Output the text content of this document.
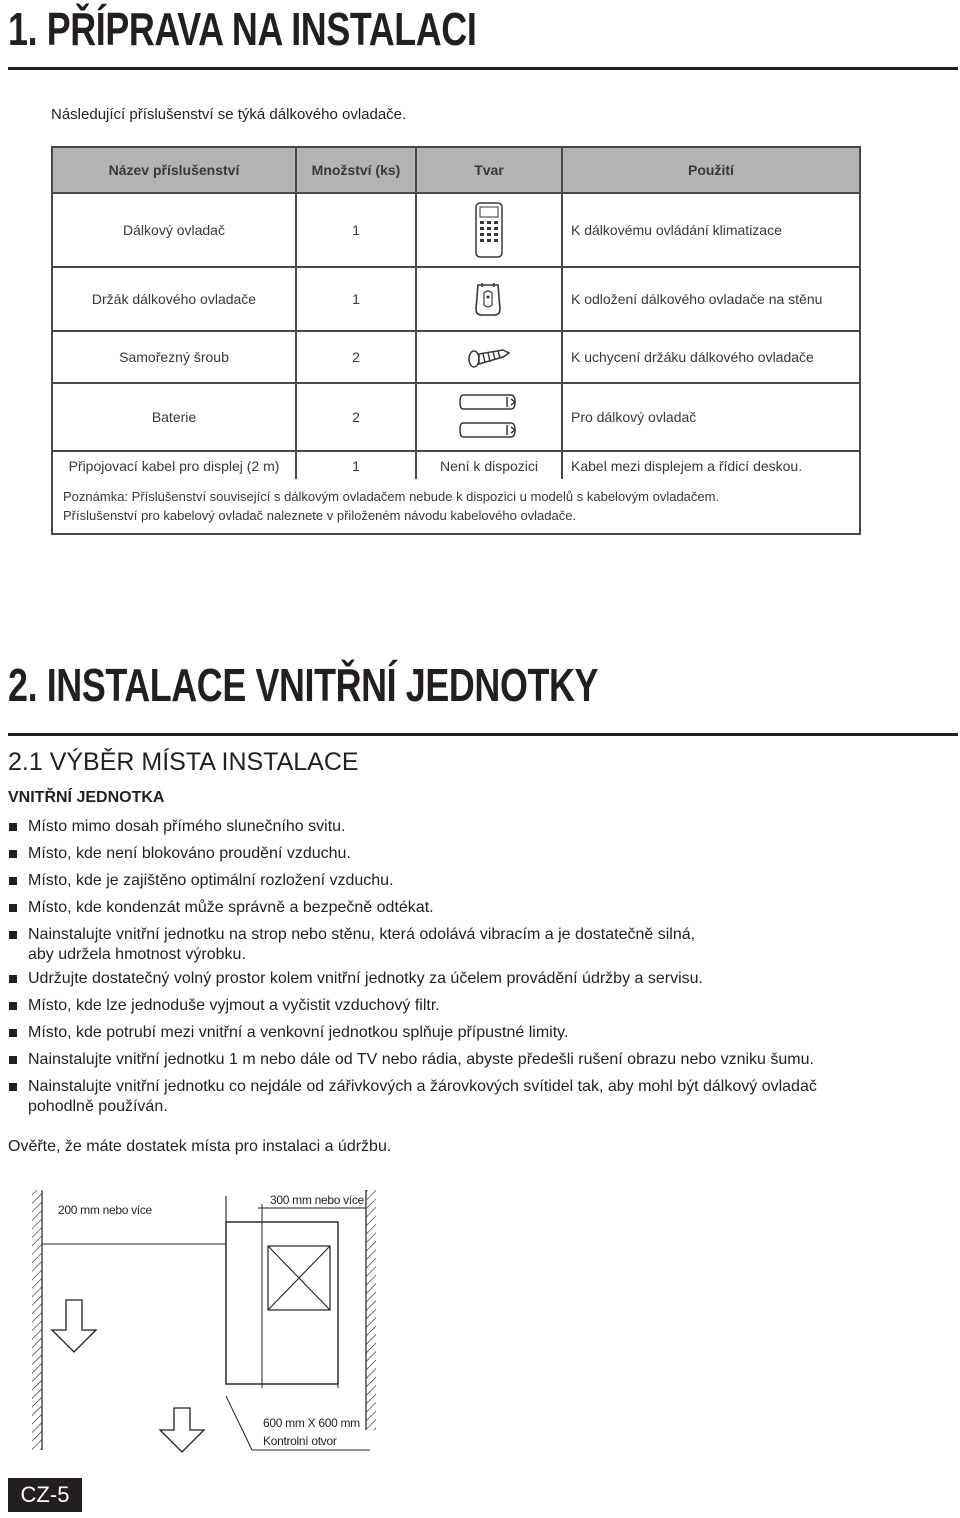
1. PŘÍPRAVA NA INSTALACI
Následující příslušenství se týká dálkového ovladače.
Název příslušenství	Množství (ks)	Tvar	Použití
Dálkový ovladač	1		K dálkovému ovládání klimatizace
Držák dálkového ovladače	1		K odložení dálkového ovladače na stěnu
Samořezný šroub	2		K uchycení držáku dálkového ovladače
Baterie	2		Pro dálkový ovladač
Připojovací kabel pro displej (2 m)	1	Není k dispozici	Kabel mezi displejem a řídicí deskou.
Poznámka: Příslušenství související s dálkovým ovladačem nebude k dispozici u modelů s kabelovým ovladačem.
Příslušenství pro kabelový ovladač naleznete v přiloženém návodu kabelového ovladače.			
2. INSTALACE VNITŘNÍ JEDNOTKY
2.1 VÝBĚR MÍSTA INSTALACE
VNITŘNÍ JEDNOTKA
Místo mimo dosah přímého slunečního svitu.
Místo, kde není blokováno proudění vzduchu.
Místo, kde je zajištěno optimální rozložení vzduchu.
Místo, kde kondenzát může správně a bezpečně odtékat.
Nainstalujte vnitřní jednotku na strop nebo stěnu, která odolává vibracím a je dostatečně silná,
aby udržela hmotnost výrobku.
Udržujte dostatečný volný prostor kolem vnitřní jednotky za účelem provádění údržby a servisu.
Místo, kde lze jednoduše vyjmout a vyčistit vzduchový filtr.
Místo, kde potrubí mezi vnitřní a venkovní jednotkou splňuje přípustné limity.
Nainstalujte vnitřní jednotku 1 m nebo dále od TV nebo rádia, abyste předešli rušení obrazu nebo vzniku šumu.
Nainstalujte vnitřní jednotku co nejdále od zářivkových a žárovkových svítidel tak, aby mohl být dálkový ovladač
pohodlně používán.
Ověřte, že máte dostatek místa pro instalaci a údržbu.
200 mm nebo více
300 mm nebo více
600 mm X 600 mm
Kontrolní otvor
CZ-5
